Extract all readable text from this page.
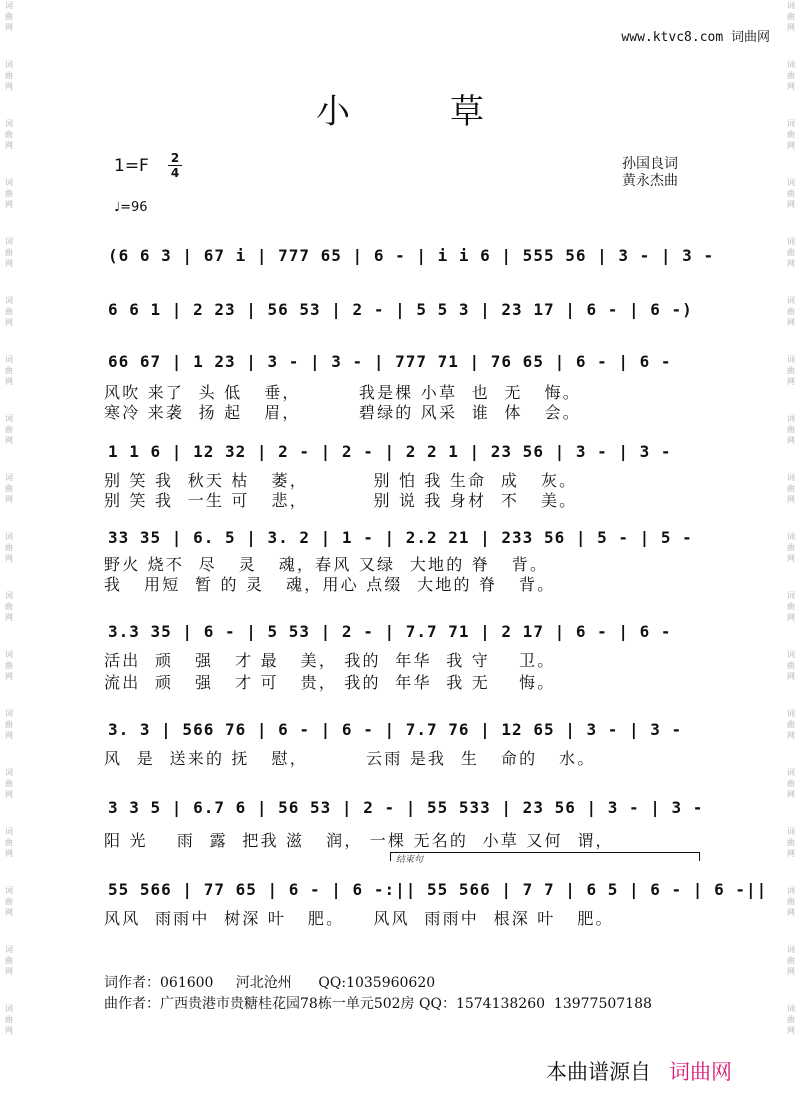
词
曲
网
词
曲
网
词
曲
网
词
曲
网
词
曲
网
词
曲
网
词
曲
网
词
曲
网
词
曲
网
词
曲
网
词
曲
网
词
曲
网
词
曲
网
词
曲
网
词
曲
网
词
曲
网
词
曲
网
词
曲
网
词
曲
网
词
曲
网
词
曲
网
词
曲
网
词
曲
网
词
曲
网
词
曲
网
词
曲
网
词
曲
网
词
曲
网
词
曲
网
词
曲
网
词
曲
网
词
曲
网
词
曲
网
词
曲
网
词
曲
网
词
曲
网
www.ktvc8.com 词曲网
小草
1=F 2
4
♩=96
孙国良词
黄永杰曲
(6 6 3 | 67 i | 777 65 | 6 - | i i 6 | 555 56 | 3 - | 3 -
6 6 1 | 2 23 | 56 53 | 2 - | 5 5 3 | 23 17 | 6 - | 6 -)
66 67 | 1 23 | 3 - | 3 - | 777 71 | 76 65 | 6 - | 6 -
风吹 来了  头 低   垂，        我是棵 小草  也  无   悔。
寒冷 来袭  扬 起   眉，        碧绿的 风采  谁  体   会。
1 1 6 | 12 32 | 2 - | 2 - | 2 2 1 | 23 56 | 3 - | 3 -
别 笑 我  秋天 枯   萎，         别 怕 我 生命  成   灰。
别 笑 我  一生 可   悲，         别 说 我 身材  不   美。
33 35 | 6. 5 | 3. 2 | 1 - | 2.2 21 | 233 56 | 5 - | 5 -
野火 烧不  尽   灵   魂，春风 又绿  大地的 脊   背。
我   用短  暂 的 灵   魂，用心 点缀  大地的 脊   背。
3.3 35 | 6 - | 5 53 | 2 - | 7.7 71 | 2 17 | 6 - | 6 -
活出  顽   强   才 最   美， 我的  年华  我 守    卫。
流出  顽   强   才 可   贵， 我的  年华  我 无    悔。
3. 3 | 566 76 | 6 - | 6 - | 7.7 76 | 12 65 | 3 - | 3 -
风  是  送来的 抚   慰，        云雨 是我  生   命的   水。
3 3 5 | 6.7 6 | 56 53 | 2 - | 55 533 | 23 56 | 3 - | 3 -
阳 光    雨  露  把我 滋   润， 一棵 无名的  小草 又何  谓，
结束句
55 566 | 77 65 | 6 - | 6 -:|| 55 566 | 7 7 | 6 5 | 6 - | 6 -||
风风  雨雨中  树深 叶   肥。    风风  雨雨中  根深 叶   肥。
词作者：061600     河北沧州      QQ:1035960620
曲作者：广西贵港市贵糖桂花园78栋一单元502房 QQ：1574138260  13977507188
本曲谱源自 词曲网
